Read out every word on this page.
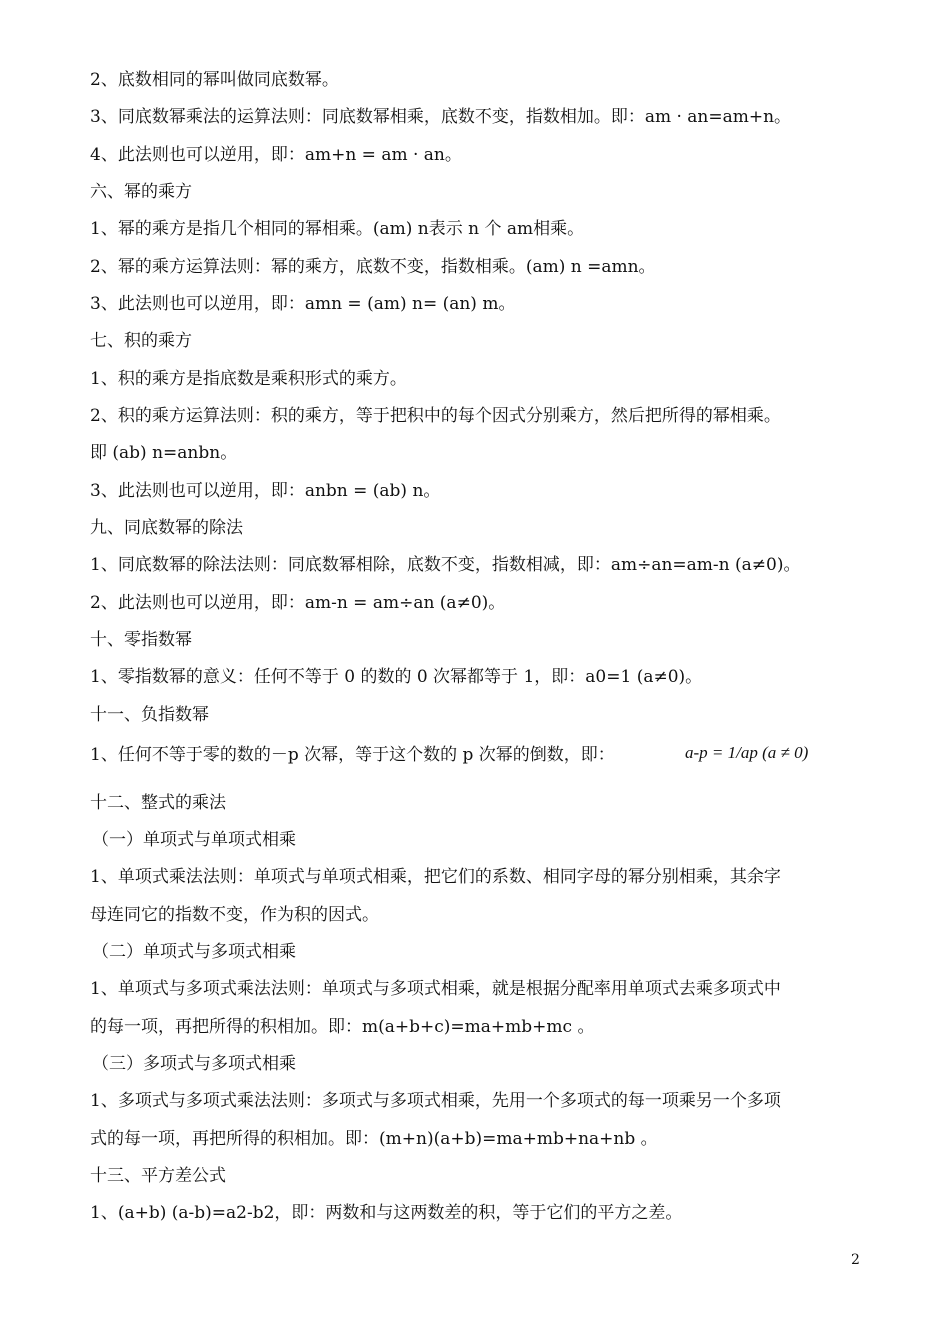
2、底数相同的幂叫做同底数幂。
3、同底数幂乘法的运算法则：同底数幂相乘，底数不变，指数相加。即：am · an=am+n。
4、此法则也可以逆用，即：am+n = am · an。
六、幂的乘方
1、幂的乘方是指几个相同的幂相乘。(am) n表示 n 个 am相乘。
2、幂的乘方运算法则：幂的乘方，底数不变，指数相乘。(am) n =amn。
3、此法则也可以逆用，即：amn = (am) n= (an) m。
七、积的乘方
1、积的乘方是指底数是乘积形式的乘方。
2、积的乘方运算法则：积的乘方，等于把积中的每个因式分别乘方，然后把所得的幂相乘。
即 (ab) n=anbn。
3、此法则也可以逆用，即：anbn = (ab) n。
九、同底数幂的除法
1、同底数幂的除法法则：同底数幂相除，底数不变，指数相减，即：am÷an=am-n (a≠0)。
2、此法则也可以逆用，即：am-n = am÷an (a≠0)。
十、零指数幂
1、零指数幂的意义：任何不等于 0 的数的 0 次幂都等于 1，即：a0=1 (a≠0)。
十一、负指数幂
1、任何不等于零的数的－p 次幂，等于这个数的 p 次幂的倒数，即：	a-p = 1/ap (a ≠ 0)
十二、整式的乘法
（一）单项式与单项式相乘
1、单项式乘法法则：单项式与单项式相乘，把它们的系数、相同字母的幂分别相乘，其余字
母连同它的指数不变，作为积的因式。
（二）单项式与多项式相乘
1、单项式与多项式乘法法则：单项式与多项式相乘，就是根据分配率用单项式去乘多项式中
的每一项，再把所得的积相加。即：m(a+b+c)=ma+mb+mc 。
（三）多项式与多项式相乘
1、多项式与多项式乘法法则：多项式与多项式相乘，先用一个多项式的每一项乘另一个多项
式的每一项，再把所得的积相加。即：(m+n)(a+b)=ma+mb+na+nb 。
十三、平方差公式
1、(a+b) (a-b)=a2-b2，即：两数和与这两数差的积，等于它们的平方之差。
2
